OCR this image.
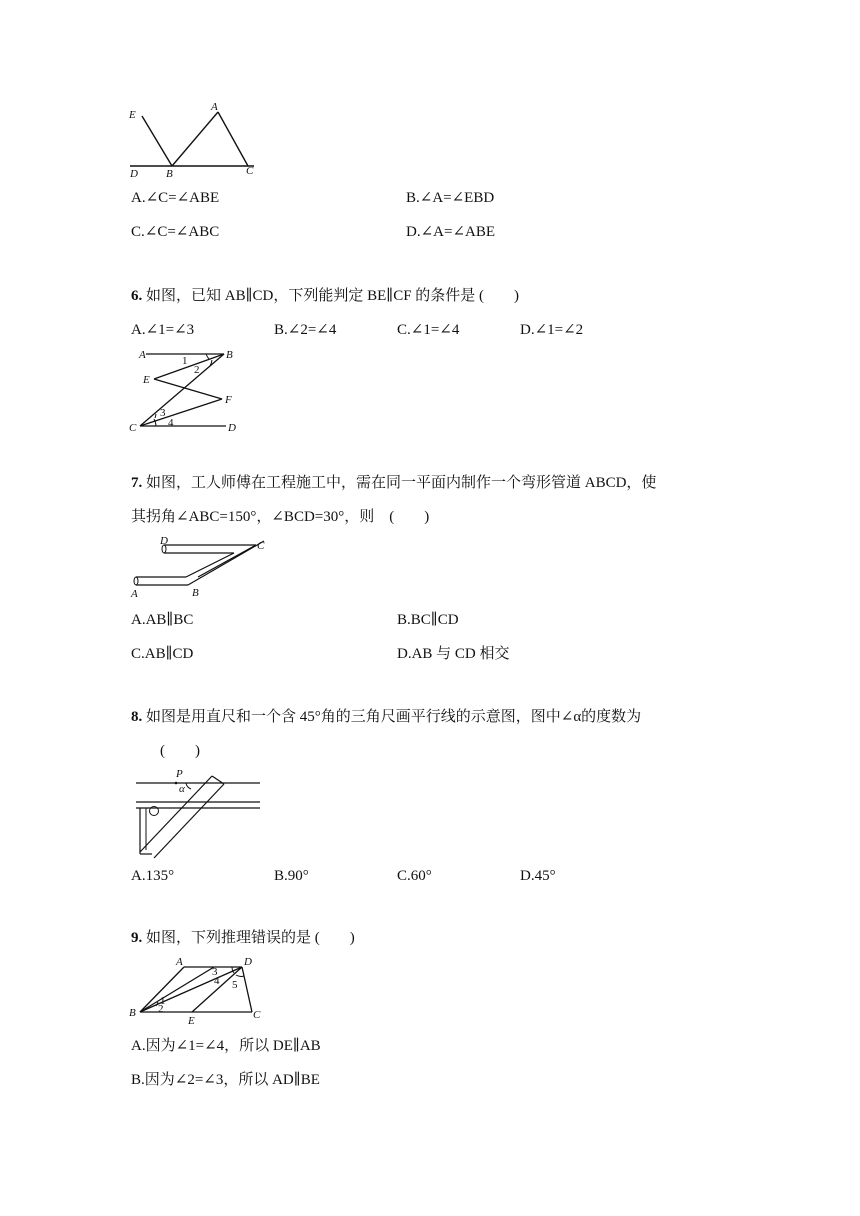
E
A
D	B	C
A.∠C=∠ABE	B.∠A=∠EBD
C.∠C=∠ABC	D.∠A=∠ABE
6. 如图，已知 AB∥CD，下列能判定 BE∥CF 的条件是 (　　)
A.∠1=∠3	B.∠2=∠4	C.∠1=∠4	D.∠1=∠2
A	B
E
F
C	D
1
2
3
4
7. 如图，工人师傅在工程施工中，需在同一平面内制作一个弯形管道 ABCD，使
其拐角∠ABC=150°，∠BCD=30°，则　(　　)
D	C
A	B
A.AB∥BC	B.BC∥CD
C.AB∥CD	D.AB 与 CD 相交
8. 如图是用直尺和一个含 45°角的三角尺画平行线的示意图，图中∠α的度数为
(　　)
P
α
A.135°	B.90°	C.60°	D.45°
9. 如图，下列推理错误的是 (　　)
A	D
B
E	C
1
2
3
4 5
A.因为∠1=∠4，所以 DE∥AB
B.因为∠2=∠3，所以 AD∥BE
